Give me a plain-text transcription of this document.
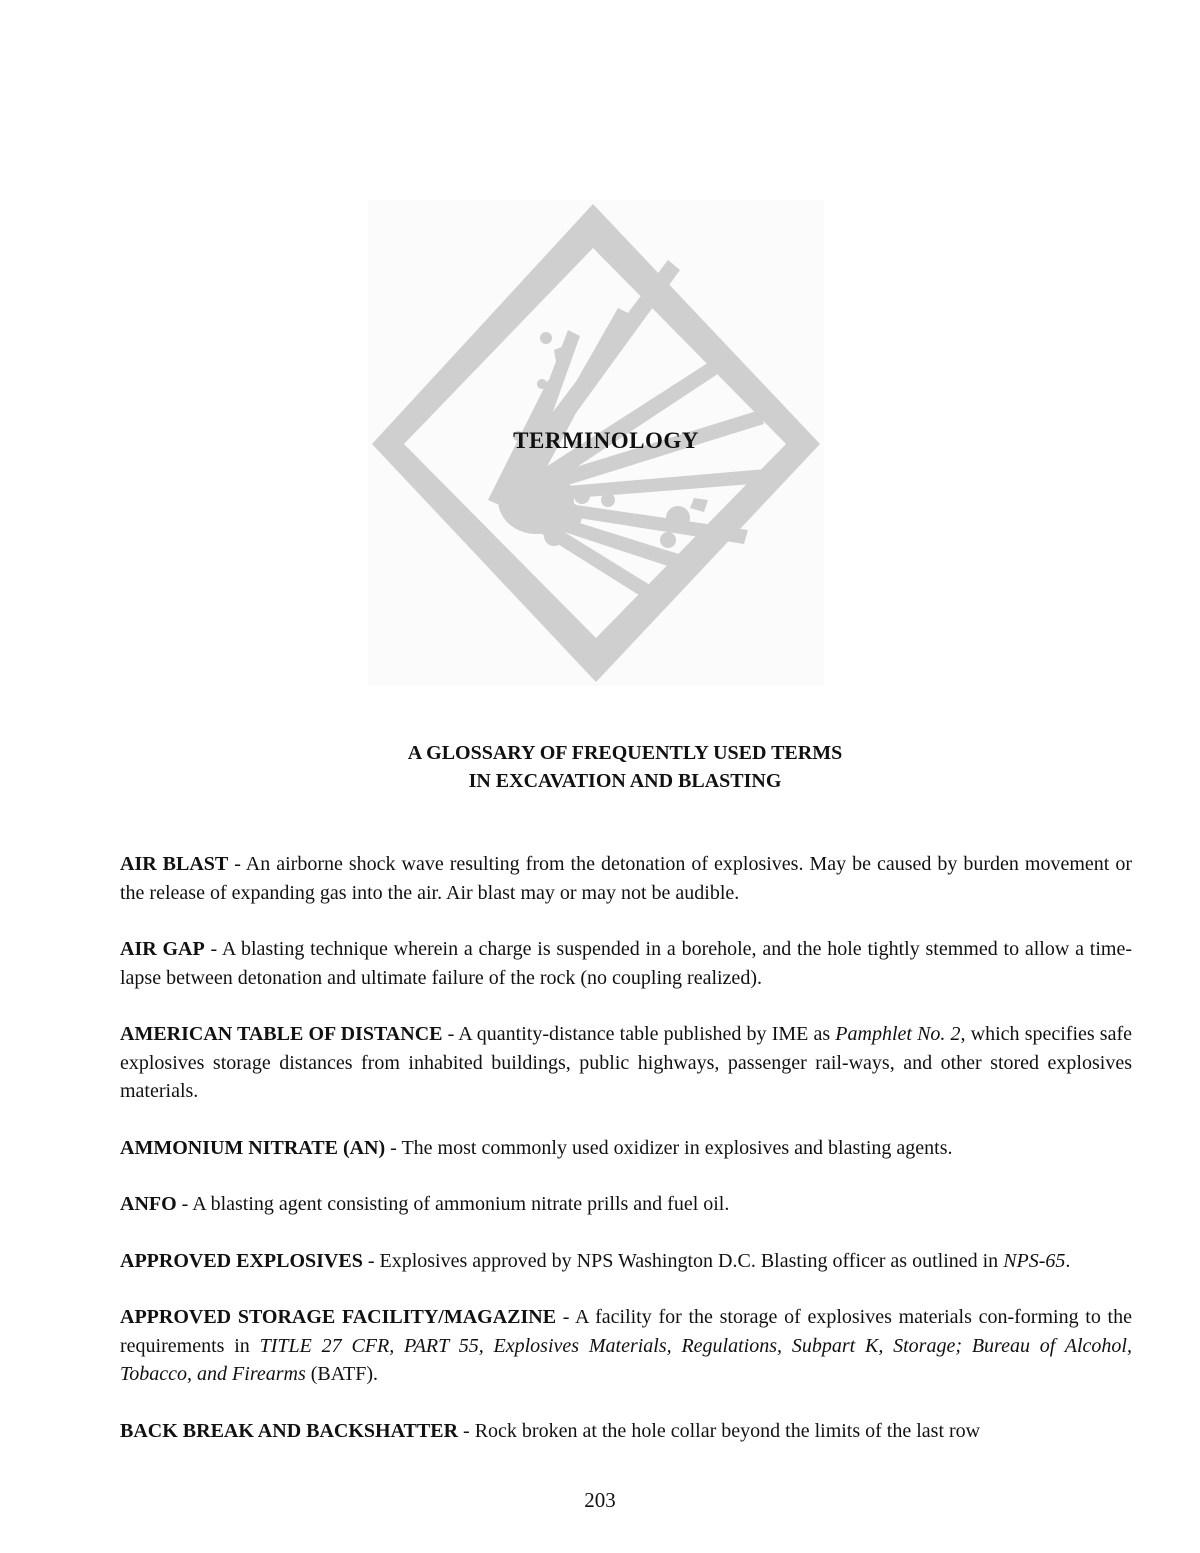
TERMINOLOGY
A GLOSSARY OF FREQUENTLY USED TERMS
IN EXCAVATION AND BLASTING

AIR BLAST - An airborne shock wave resulting from the detonation of explosives. May be caused by burden movement or the release of expanding gas into the air. Air blast may or may not be audible.

AIR GAP - A blasting technique wherein a charge is suspended in a borehole, and the hole tightly stemmed to allow a time-lapse between detonation and ultimate failure of the rock (no coupling realized).

AMERICAN TABLE OF DISTANCE - A quantity-distance table published by IME as Pamphlet No. 2, which specifies safe explosives storage distances from inhabited buildings, public highways, passenger rail-ways, and other stored explosives materials.

AMMONIUM NITRATE (AN) - The most commonly used oxidizer in explosives and blasting agents.

ANFO - A blasting agent consisting of ammonium nitrate prills and fuel oil.

APPROVED EXPLOSIVES - Explosives approved by NPS Washington D.C. Blasting officer as outlined in NPS-65.

APPROVED STORAGE FACILITY/MAGAZINE - A facility for the storage of explosives materials con-forming to the requirements in TITLE 27 CFR, PART 55, Explosives Materials, Regulations, Subpart K, Storage; Bureau of Alcohol, Tobacco, and Firearms (BATF).

BACK BREAK AND BACKSHATTER - Rock broken at the hole collar beyond the limits of the last row

203
